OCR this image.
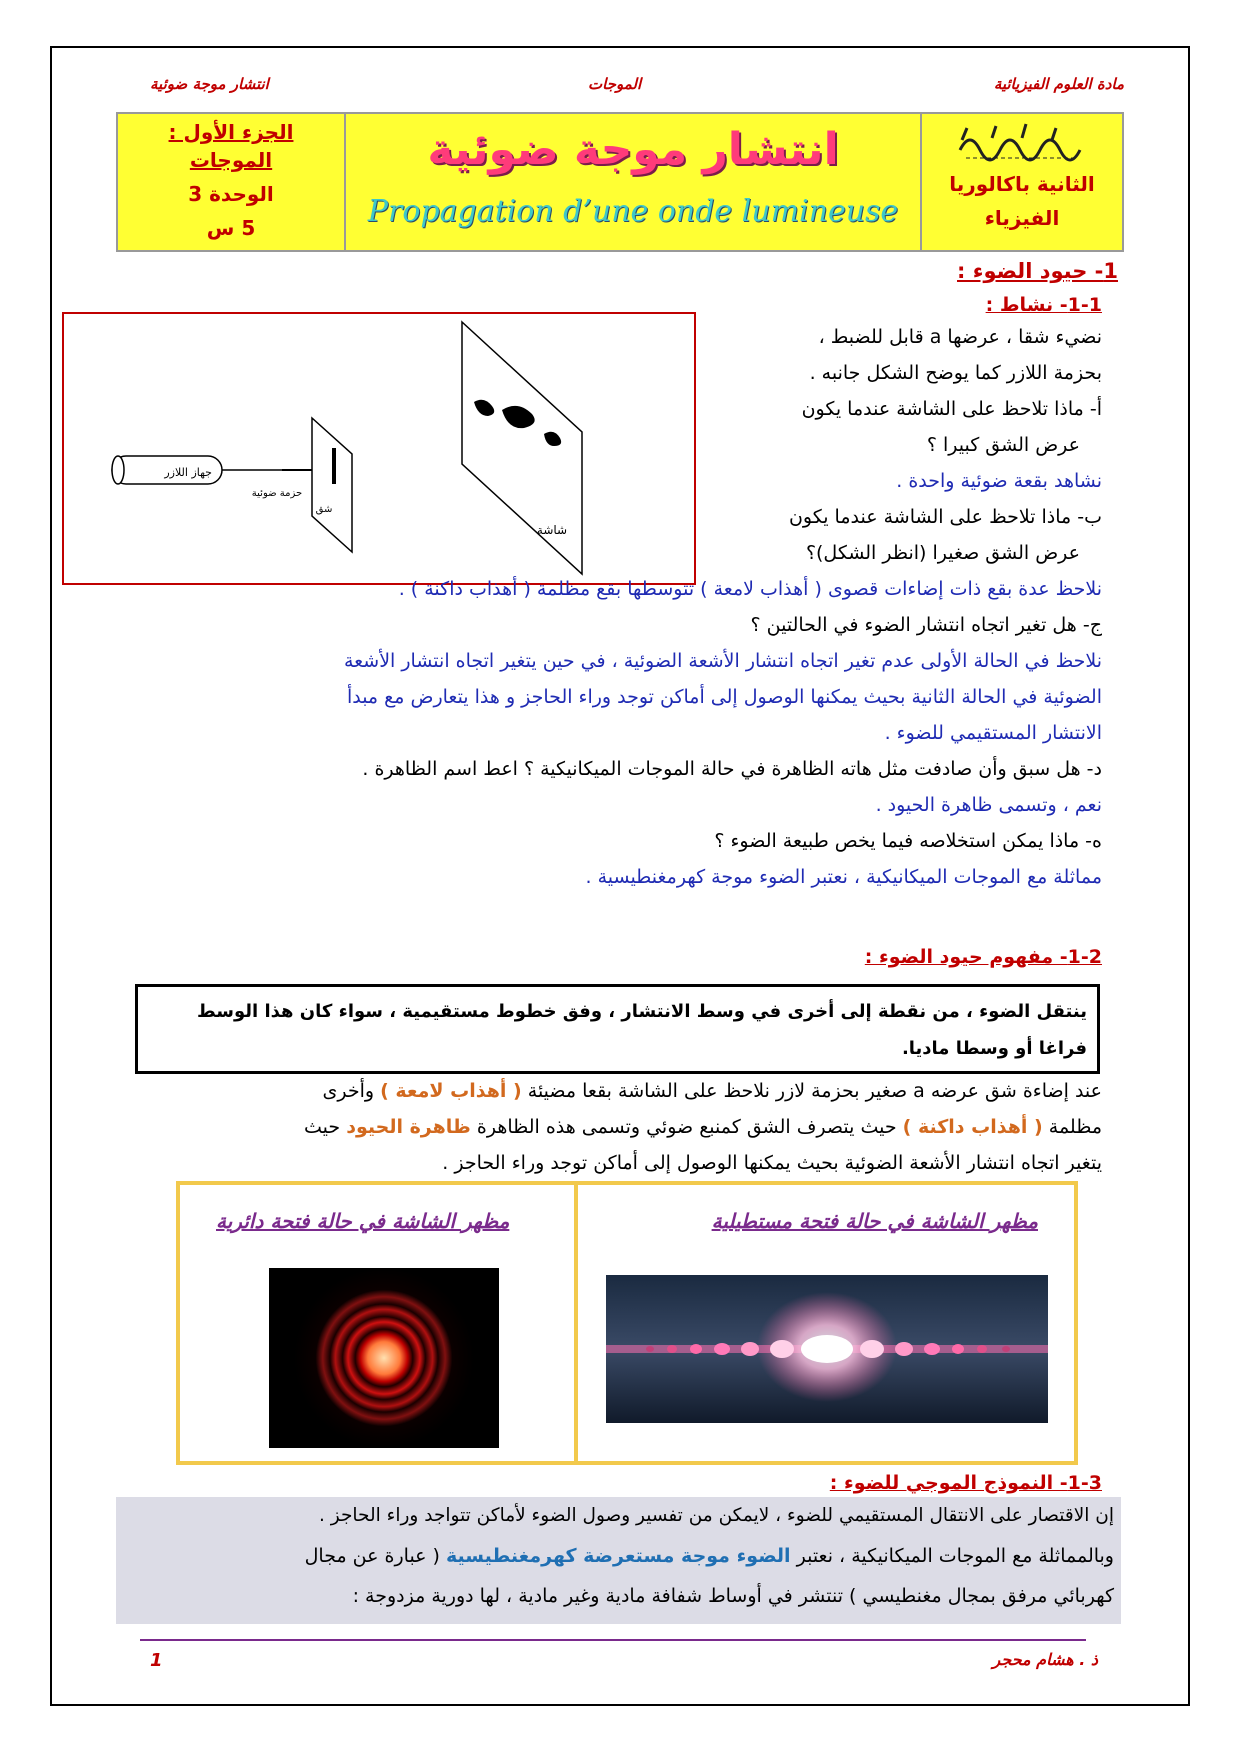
مادة العلوم الفيزيائية
الموجات
انتشار موجة ضوئية
الجزء الأول :
الموجات
الوحدة 3
5 س
انتشار موجة ضوئية
Propagation d’une onde lumineuse
الثانية باكالوريا
الفيزياء
1- حيود الضوء :
1-1- نشاط :
جهاز اللازر
حزمة ضوئية
شق
شاشة
نضيء شقا ، عرضها a قابل للضبط ،
بحزمة اللازر كما يوضح الشكل جانبه .
أ- ماذا تلاحظ على الشاشة عندما يكون
عرض الشق كبيرا ؟
نشاهد بقعة ضوئية واحدة .
ب- ماذا تلاحظ على الشاشة عندما يكون
عرض الشق صغيرا (انظر الشكل)؟
نلاحظ عدة بقع ذات إضاءات قصوى ( أهذاب لامعة ) تتوسطها بقع مظلمة ( أهذاب داكنة ) .
ج- هل تغير اتجاه انتشار الضوء في الحالتين ؟
نلاحظ في الحالة الأولى عدم تغير اتجاه انتشار الأشعة الضوئية ، في حين يتغير اتجاه انتشار الأشعة
الضوئية في الحالة الثانية بحيث يمكنها الوصول إلى أماكن توجد وراء الحاجز و هذا يتعارض مع مبدأ
الانتشار المستقيمي للضوء .
د- هل سبق وأن صادفت مثل هاته الظاهرة في حالة الموجات الميكانيكية ؟ اعط اسم الظاهرة .
نعم ، وتسمى ظاهرة الحيود .
ه- ماذا يمكن استخلاصه فيما يخص طبيعة الضوء ؟
مماثلة مع الموجات الميكانيكية ، نعتبر الضوء موجة كهرمغنطيسية .
1-2- مفهوم حيود الضوء :
ينتقل الضوء ، من نقطة إلى أخرى في وسط الانتشار ، وفق خطوط مستقيمية ، سواء كان هذا الوسط فراغا أو وسطا ماديا.
عند إضاءة شق عرضه a صغير بحزمة لازر نلاحظ على الشاشة بقعا مضيئة ( أهذاب لامعة ) وأخرى
مظلمة ( أهذاب داكنة ) حيث يتصرف الشق كمنبع ضوئي وتسمى هذه الظاهرة ظاهرة الحيود حيث
يتغير اتجاه انتشار الأشعة الضوئية بحيث يمكنها الوصول إلى أماكن توجد وراء الحاجز .
مظهر الشاشة في حالة فتحة مستطيلية
مظهر الشاشة في حالة فتحة دائرية
1-3- النموذج الموجي للضوء :
إن الاقتصار على الانتقال المستقيمي للضوء ، لايمكن من تفسير وصول الضوء لأماكن تتواجد وراء الحاجز .
وبالمماثلة مع الموجات الميكانيكية ، نعتبر الضوء موجة مستعرضة كهرمغنطيسية ( عبارة عن مجال
كهربائي مرفق بمجال مغنطيسي ) تنتشر في أوساط شفافة مادية وغير مادية ، لها دورية مزدوجة :
ذ . هشام محجر
1
